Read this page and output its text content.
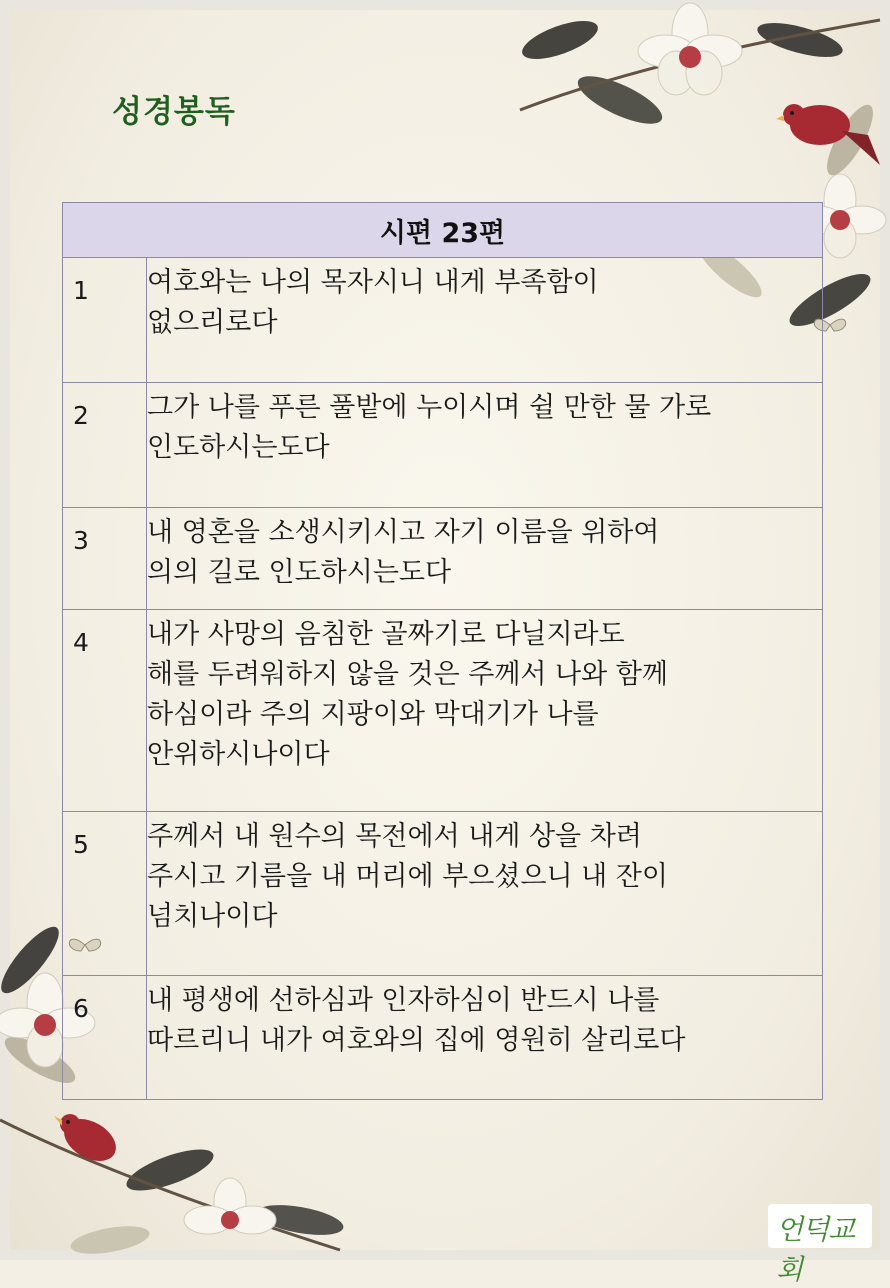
성경봉독
시편 23편	

1	여호와는 나의 목자시니 내게 부족함이
없으리로다

2	그가 나를 푸른 풀밭에 누이시며 쉴 만한 물 가로
인도하시는도다

3	내 영혼을 소생시키시고 자기 이름을 위하여
의의 길로 인도하시는도다

4	내가 사망의 음침한 골짜기로 다닐지라도
해를 두려워하지 않을 것은 주께서 나와 함께
하심이라 주의 지팡이와 막대기가 나를
안위하시나이다

5	주께서 내 원수의 목전에서 내게 상을 차려
주시고 기름을 내 머리에 부으셨으니 내 잔이
넘치나이다

6	내 평생에 선하심과 인자하심이 반드시 나를
따르리니 내가 여호와의 집에 영원히 살리로다
언덕교회
